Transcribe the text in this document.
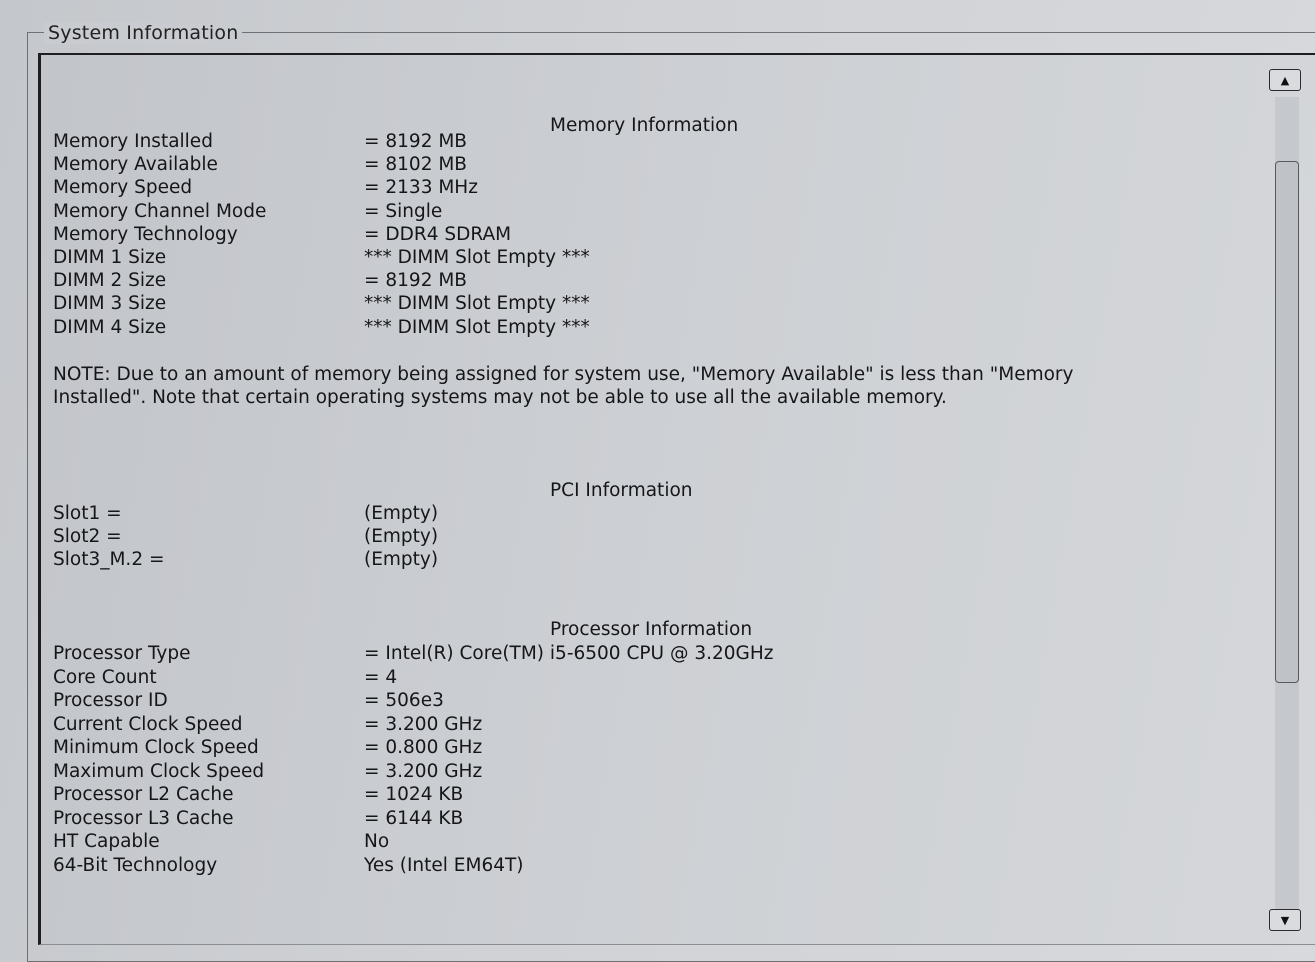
System Information
Memory Information
Memory Installed	= 8192 MB
Memory Available	= 8102 MB
Memory Speed	= 2133 MHz
Memory Channel Mode	= Single
Memory Technology	= DDR4 SDRAM
DIMM 1 Size	*** DIMM Slot Empty ***
DIMM 2 Size	= 8192 MB
DIMM 3 Size	*** DIMM Slot Empty ***
DIMM 4 Size	*** DIMM Slot Empty ***
NOTE: Due to an amount of memory being assigned for system use, "Memory Available" is less than "Memory Installed". Note that certain operating systems may not be able to use all the available memory.
PCI Information
Slot1 =	(Empty)
Slot2 =	(Empty)
Slot3_M.2 =	(Empty)
Processor Information
Processor Type	= Intel(R) Core(TM) i5-6500 CPU @ 3.20GHz
Core Count	= 4
Processor ID	= 506e3
Current Clock Speed	= 3.200 GHz
Minimum Clock Speed	= 0.800 GHz
Maximum Clock Speed	= 3.200 GHz
Processor L2 Cache	= 1024 KB
Processor L3 Cache	= 6144 KB
HT Capable	No
64-Bit Technology	Yes (Intel EM64T)
▲
▼
